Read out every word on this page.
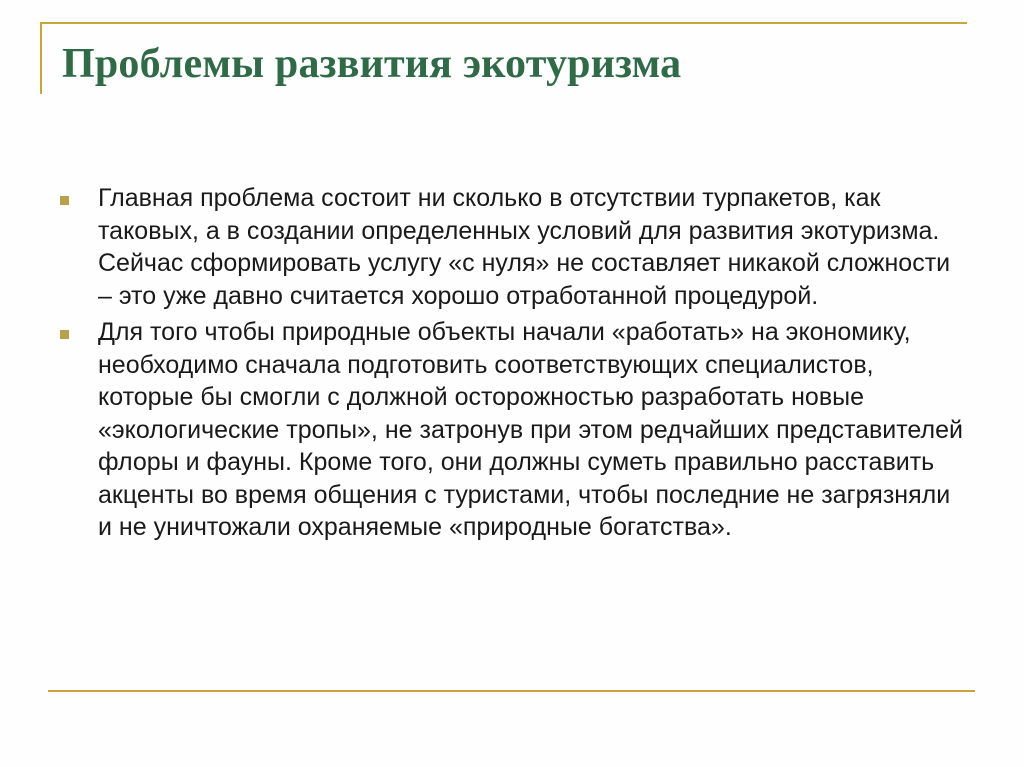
Проблемы развития экотуризма

Главная проблема состоит ни сколько в отсутствии турпакетов, как таковых, а в создании определенных условий для развития экотуризма. Сейчас сформировать услугу «с нуля» не составляет никакой сложности – это уже давно считается хорошо отработанной процедурой.

Для того чтобы природные объекты начали «работать» на экономику, необходимо сначала подготовить соответствующих специалистов, которые бы смогли с должной осторожностью разработать новые «экологические тропы», не затронув при этом редчайших представителей флоры и фауны. Кроме того, они должны суметь правильно расставить акценты во время общения с туристами, чтобы последние не загрязняли и не уничтожали охраняемые «природные богатства».
